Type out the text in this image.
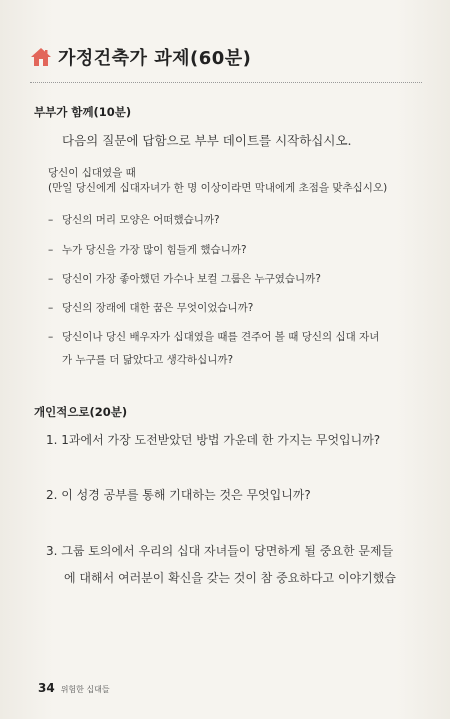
가정건축가 과제(60분)
부부가 함께(10분)
다음의 질문에 답함으로 부부 데이트를 시작하십시오.
당신이 십대였을 때
(만일 당신에게 십대자녀가 한 명 이상이라면 막내에게 초점을 맞추십시오)
– 당신의 머리 모양은 어떠했습니까?
– 누가 당신을 가장 많이 힘들게 했습니까?
– 당신이 가장 좋아했던 가수나 보컬 그룹은 누구였습니까?
– 당신의 장래에 대한 꿈은 무엇이었습니까?
– 당신이나 당신 배우자가 십대였을 때를 견주어 볼 때 당신의 십대 자녀
가 누구를 더 닮았다고 생각하십니까?
개인적으로(20분)
1. 1과에서 가장 도전받았던 방법 가운데 한 가지는 무엇입니까?
2. 이 성경 공부를 통해 기대하는 것은 무엇입니까?
3. 그룹 토의에서 우리의 십대 자녀들이 당면하게 될 중요한 문제들
에 대해서 여러분이 확신을 갖는 것이 참 중요하다고 이야기했습
34 위험한 십대들
